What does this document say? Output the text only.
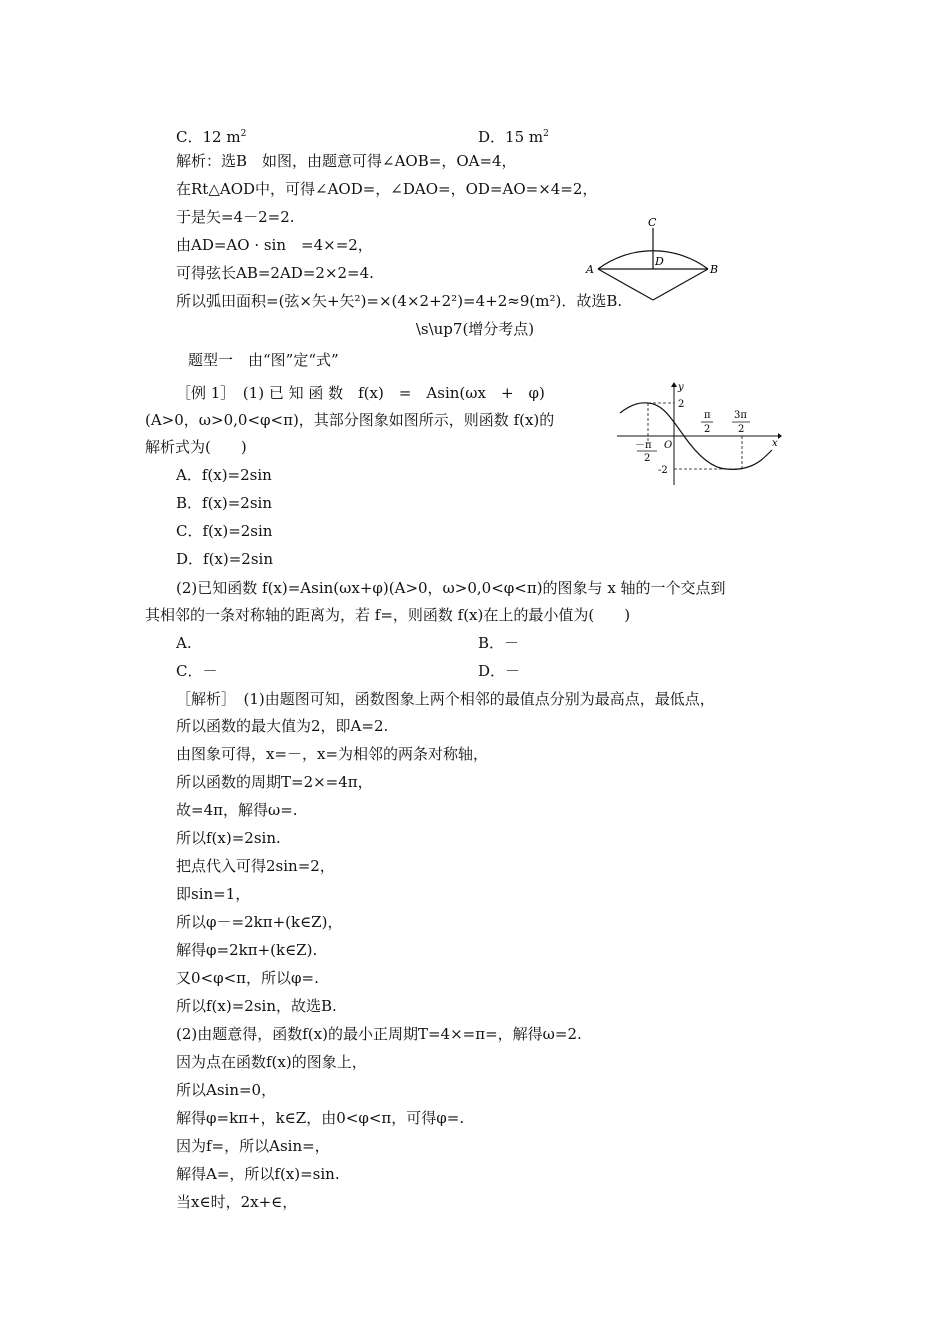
C．12 $m^2$	D．15 $m^2$
解析：选B　如图，由题意可得∠AOB=，OA=4，
在Rt△AOD中，可得∠AOD=，∠DAO=，OD=AO=×4=2，
于是矢=4－2=2.
由AD=AO · sin　=4×=2，
可得弦长AB=2AD=2×2=4.
所以弧田面积=(弦×矢+矢²)=×(4×2+2²)=4+2≈9(m²)．故选B.
C
A
D
B
\s\up7(增分考点)
题型一　由“图”定“式”
［例 1］　(1) 已 知 函 数　f(x)　=　Asin(ωx　+　φ)
(A>0，ω>0,0<φ<π)，其部分图象如图所示，则函数 f(x)的
解析式为(　　)
A．f(x)=2sin
B．f(x)=2sin
C．f(x)=2sin
D．f(x)=2sin
y
2
π
2
3π
2
x
－π
2
O
-2
(2)已知函数 f(x)=Asin(ωx+φ)(A>0，ω>0,0<φ<π)的图象与 x 轴的一个交点到
其相邻的一条对称轴的距离为，若 f=，则函数 f(x)在上的最小值为(　　)
A.	B．－
C．－	D．－
［解析］　(1)由题图可知，函数图象上两个相邻的最值点分别为最高点，最低点，
所以函数的最大值为2，即A=2.
由图象可得，x=－，x=为相邻的两条对称轴，
所以函数的周期T=2×=4π，
故=4π，解得ω=.
所以f(x)=2sin.
把点代入可得2sin=2，
即sin=1，
所以φ－=2kπ+(k∈Z)，
解得φ=2kπ+(k∈Z).
又0<φ<π，所以φ=.
所以f(x)=2sin，故选B.
(2)由题意得，函数f(x)的最小正周期T=4×=π=，解得ω=2.
因为点在函数f(x)的图象上，
所以Asin=0，
解得φ=kπ+，k∈Z，由0<φ<π，可得φ=.
因为f=，所以Asin=，
解得A=，所以f(x)=sin.
当x∈时，2x+∈，
